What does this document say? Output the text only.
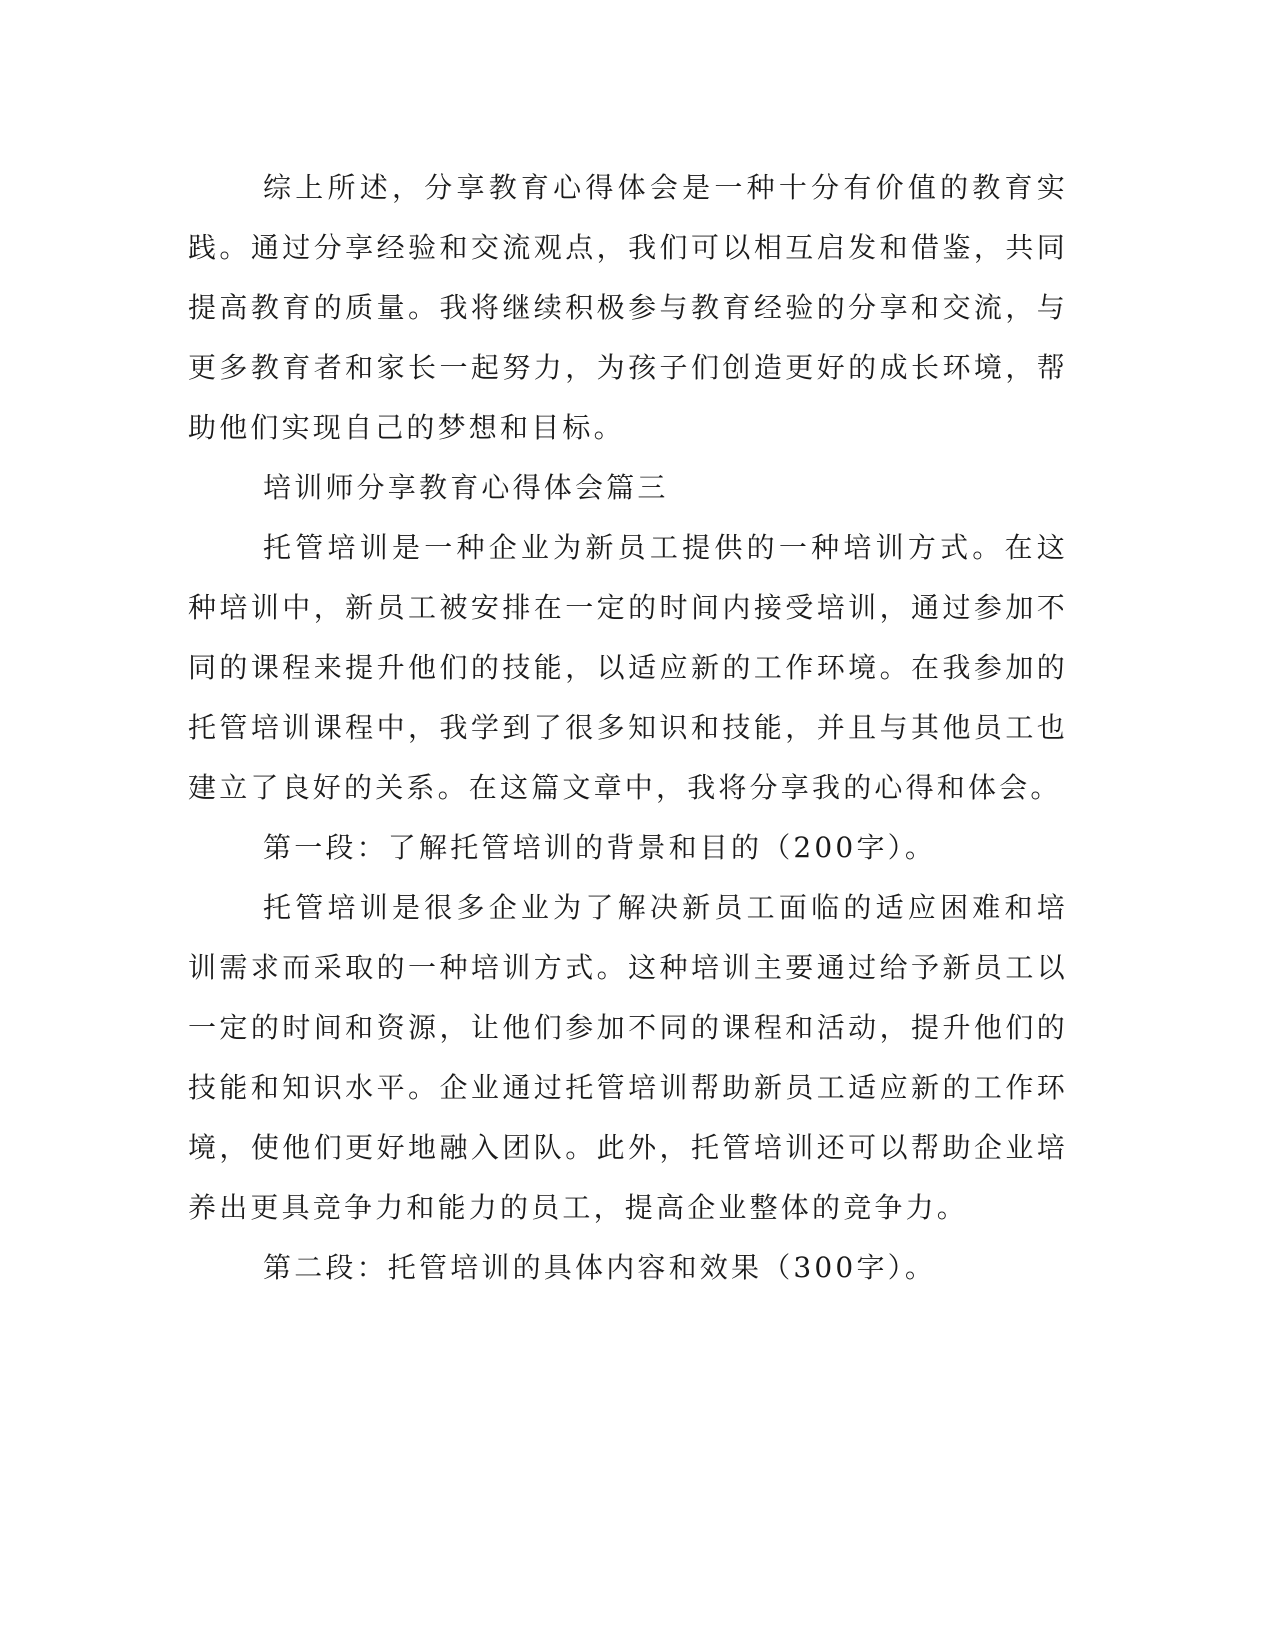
综上所述，分享教育心得体会是一种十分有价值的教育实践。通过分享经验和交流观点，我们可以相互启发和借鉴，共同提高教育的质量。我将继续积极参与教育经验的分享和交流，与更多教育者和家长一起努力，为孩子们创造更好的成长环境，帮助他们实现自己的梦想和目标。

培训师分享教育心得体会篇三

托管培训是一种企业为新员工提供的一种培训方式。在这种培训中，新员工被安排在一定的时间内接受培训，通过参加不同的课程来提升他们的技能，以适应新的工作环境。在我参加的托管培训课程中，我学到了很多知识和技能，并且与其他员工也建立了良好的关系。在这篇文章中，我将分享我的心得和体会。

第一段：了解托管培训的背景和目的（200字）。

托管培训是很多企业为了解决新员工面临的适应困难和培训需求而采取的一种培训方式。这种培训主要通过给予新员工以一定的时间和资源，让他们参加不同的课程和活动，提升他们的技能和知识水平。企业通过托管培训帮助新员工适应新的工作环境，使他们更好地融入团队。此外，托管培训还可以帮助企业培养出更具竞争力和能力的员工，提高企业整体的竞争力。

第二段：托管培训的具体内容和效果（300字）。
